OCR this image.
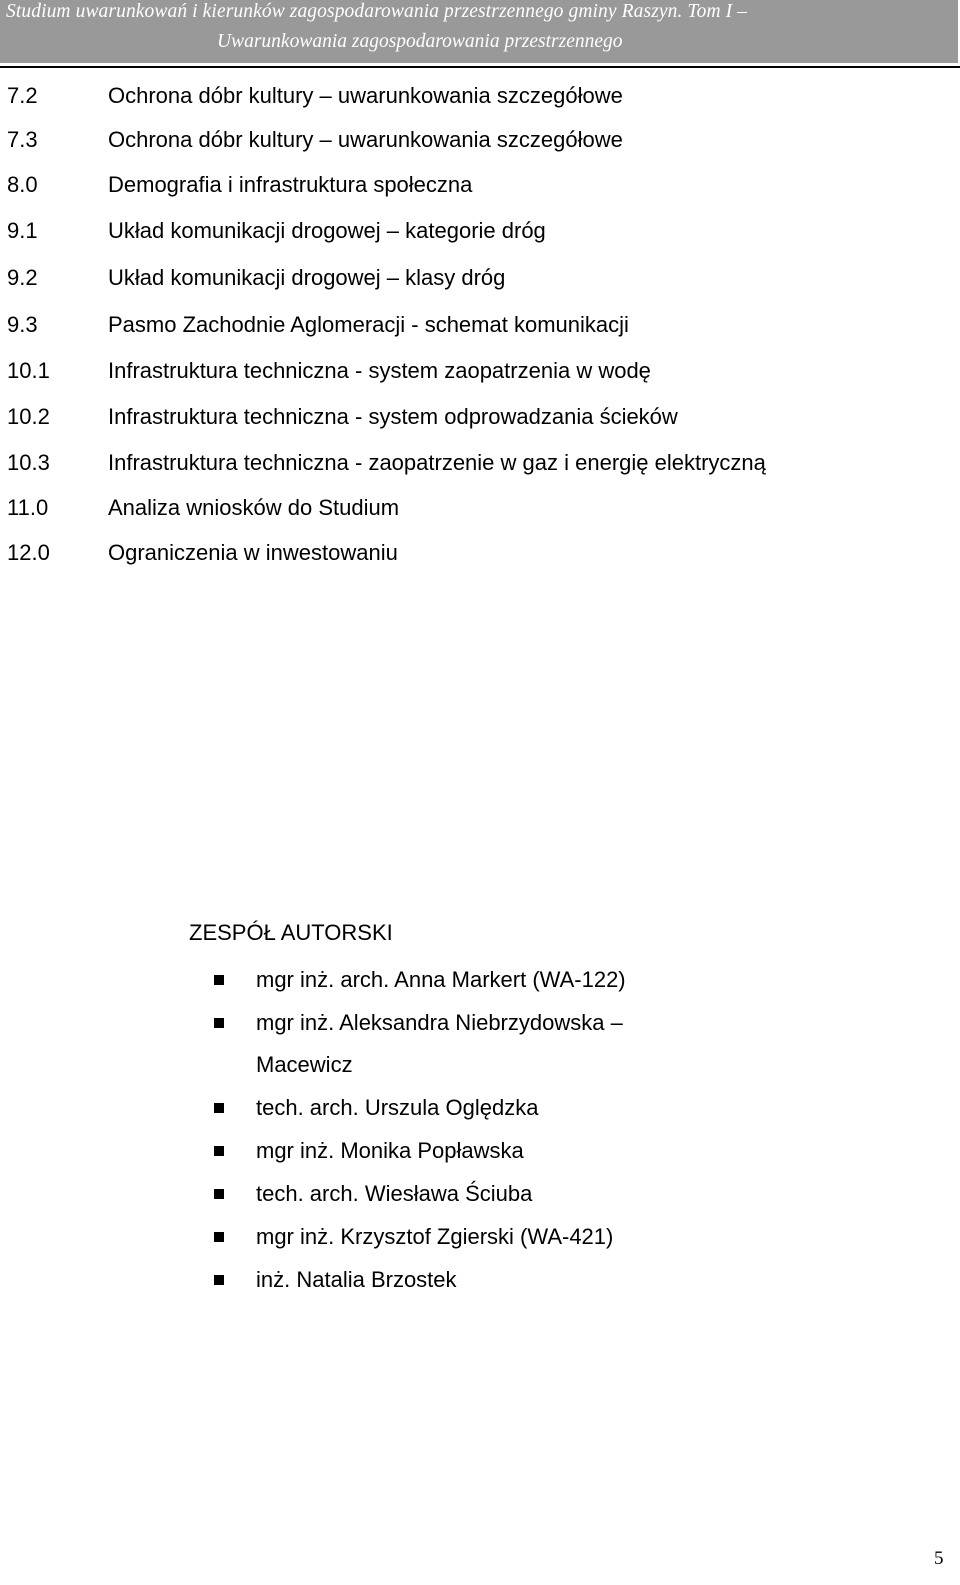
Studium uwarunkowań i kierunków zagospodarowania przestrzennego gminy Raszyn. Tom I –
Uwarunkowania zagospodarowania przestrzennego
7.2	Ochrona dóbr kultury – uwarunkowania szczegółowe
7.3	Ochrona dóbr kultury – uwarunkowania szczegółowe
8.0	Demografia i infrastruktura społeczna
9.1	Układ komunikacji drogowej – kategorie dróg
9.2	Układ komunikacji drogowej – klasy dróg
9.3	Pasmo Zachodnie Aglomeracji - schemat komunikacji
10.1	Infrastruktura techniczna - system zaopatrzenia w wodę
10.2	Infrastruktura techniczna - system odprowadzania ścieków
10.3	Infrastruktura techniczna - zaopatrzenie w gaz i energię elektryczną
11.0	Analiza wniosków do Studium
12.0	Ograniczenia w inwestowaniu
ZESPÓŁ AUTORSKI
mgr inż. arch. Anna Markert (WA-122)
mgr inż. Aleksandra Niebrzydowska –
Macewicz
tech. arch. Urszula Oględzka
mgr inż. Monika Popławska
tech. arch. Wiesława Ściuba
mgr inż. Krzysztof Zgierski (WA-421)
inż. Natalia Brzostek
5
